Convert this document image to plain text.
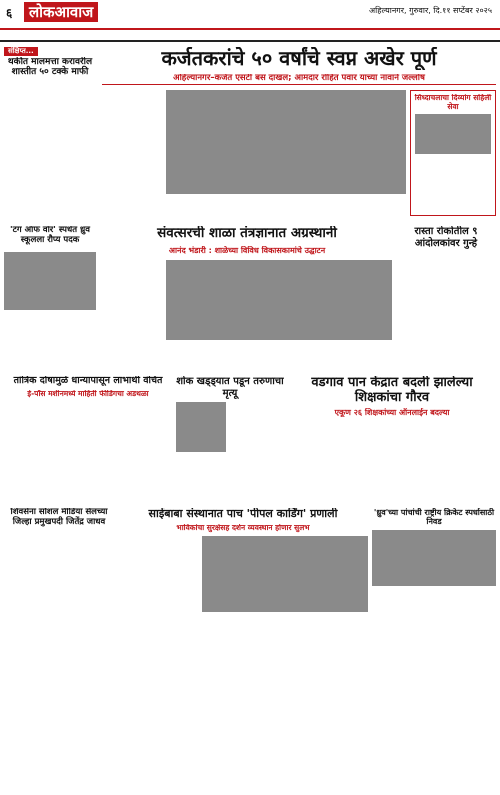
६	लोकआवाज	अहिल्यानगर, गुरुवार, दि.११ सप्टेंबर २०२५
संक्षिप्त...
थकीत मालमत्ता करावरील शास्तीत ५० टक्के माफी
कर्जतकरांचे ५० वर्षांचे स्वप्न अखेर पूर्ण
अहिल्यानगर–कर्जत एसटी बस दाखल; आमदार रोहित पवार यांच्या नावाने जल्लोष
सिध्दाचलाचा दिव्यांग सहिली सेवा
'टग ऑफ वॉर' स्पर्धेत ध्रुव स्कूलला रौप्य पदक	संवत्सरची शाळा तंत्रज्ञानात अग्रस्थानी
आनंद भंडारी : शाळेच्या विविध विकासकामांचे उद्घाटन
रास्ता रोकोतील ९ आंदोलकांवर गुन्हे
तांत्रिक दोषामुळे धान्यापासून लाभार्थी वंचित
ई-पॉस मशीनमध्ये माहिती फीडिंगचा अडथळा
शोक खड्ड्यात पडून तरुणाचा मृत्यू
वडगाव पान केंद्रात बदली झालेल्या शिक्षकांचा गौरव
एकूण २६ शिक्षकांच्या ऑनलाईन बदल्या
शिवसेना सोशल मीडिया सेलच्या जिल्हा प्रमुखपदी जितेंद्र जाधव
साईबाबा संस्थानात पाच 'पीपल कार्डिंग' प्रणाली
भाविकांचा सुरक्षेसह दर्शन व्यवस्थान होणार सुलभ
'ध्रुव'च्या पांचांची राष्ट्रीय क्रिकेट स्पर्धासाठी निवड
